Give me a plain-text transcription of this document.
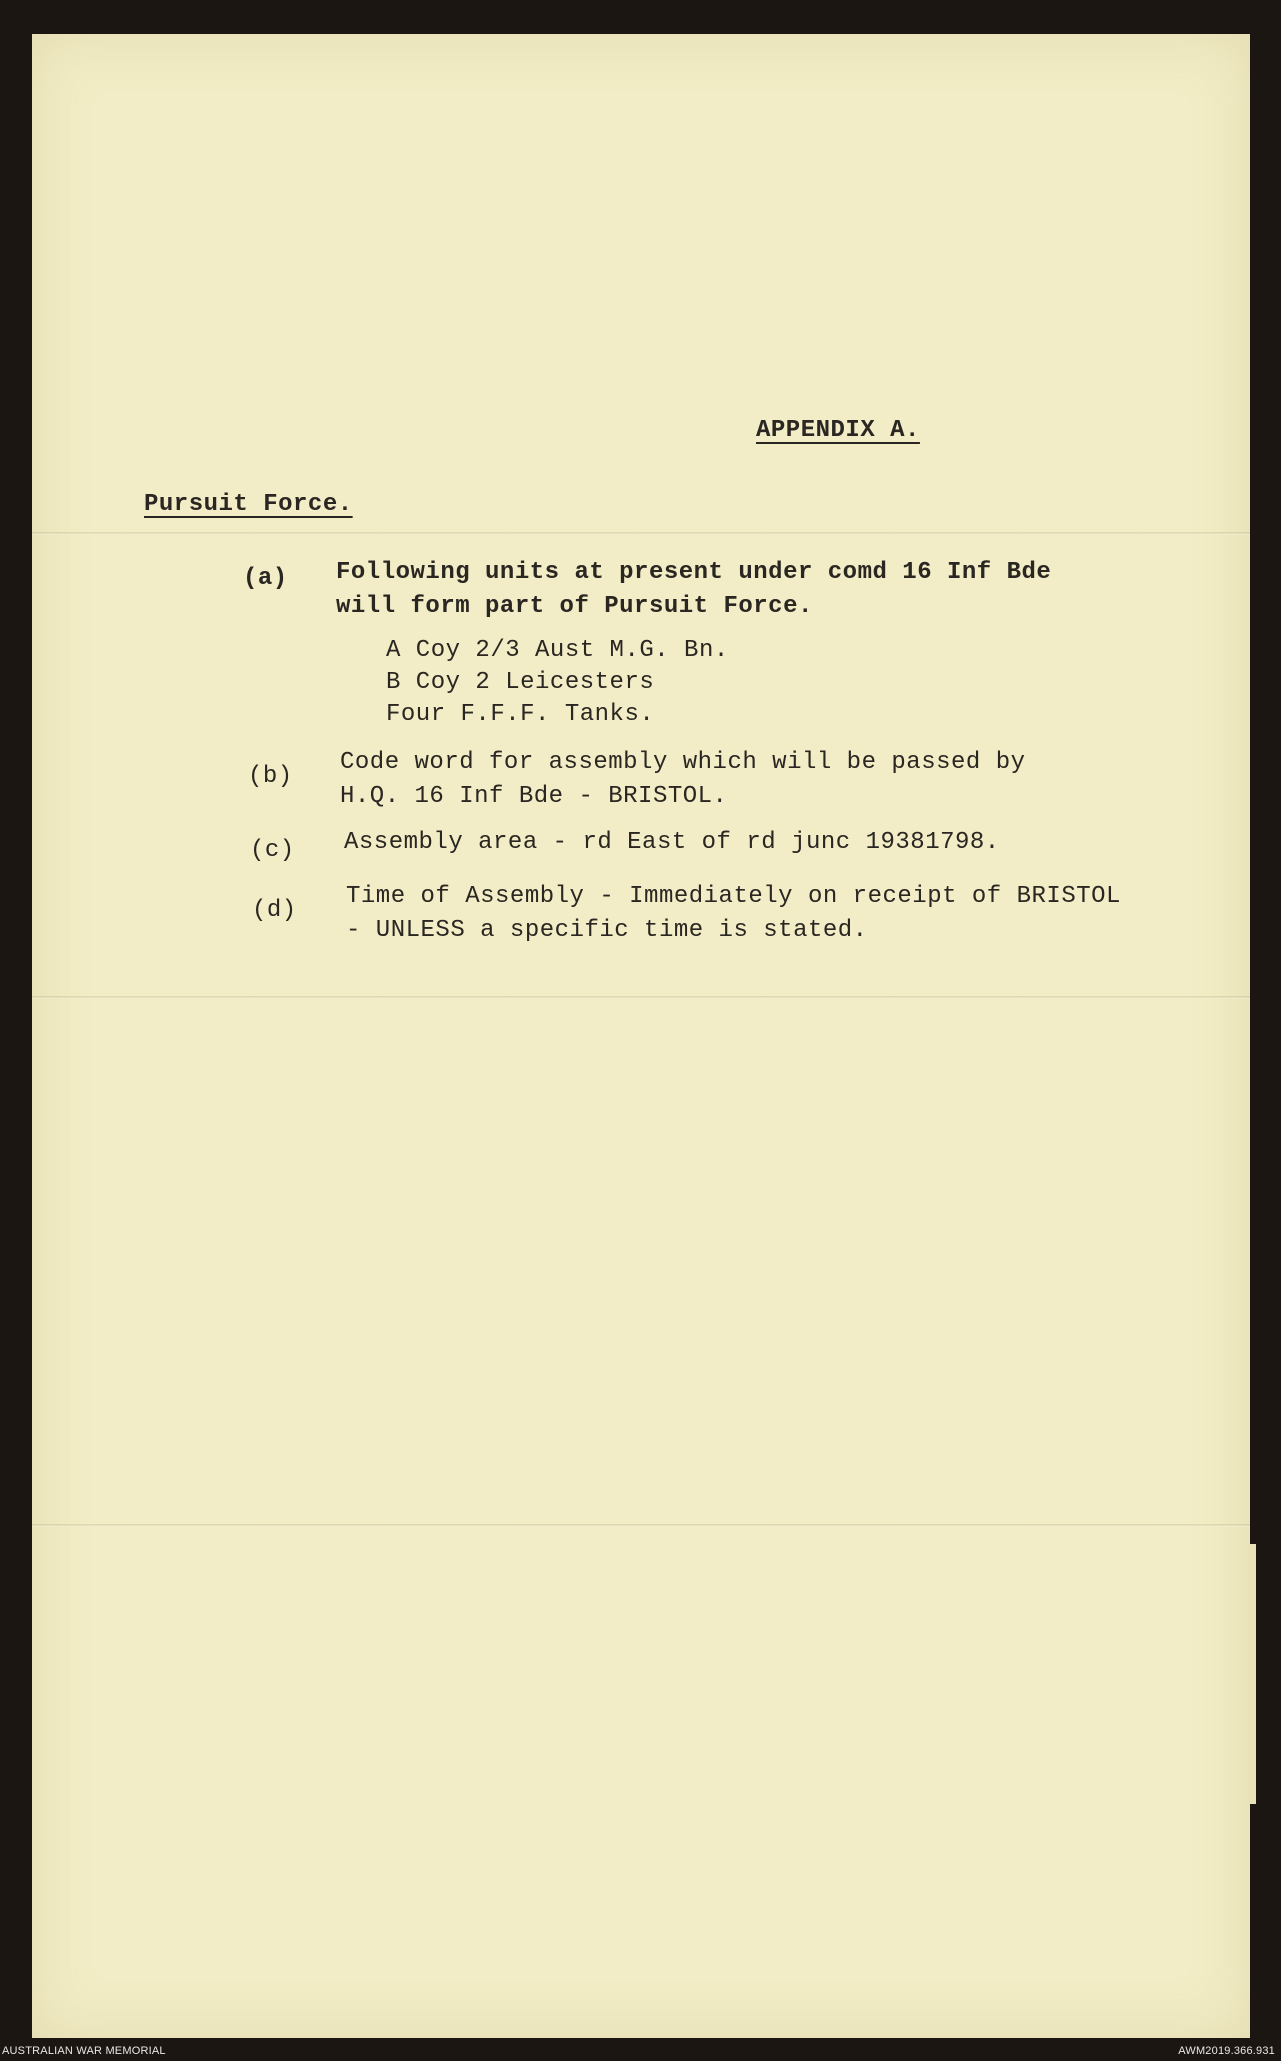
APPENDIX A.
Pursuit Force.
(a) Following units at present under comd 16 Inf Bde
will form part of Pursuit Force.
A Coy 2/3 Aust M.G. Bn.
B Coy 2 Leicesters
Four F.F.F. Tanks.
(b)
Code word for assembly which will be passed by
H.Q. 16 Inf Bde - BRISTOL.
(c) Assembly area - rd East of rd junc 19381798.
(d)
Time of Assembly - Immediately on receipt of BRISTOL
- UNLESS a specific time is stated.
AUSTRALIAN WAR MEMORIAL	AWM2019.366.931
